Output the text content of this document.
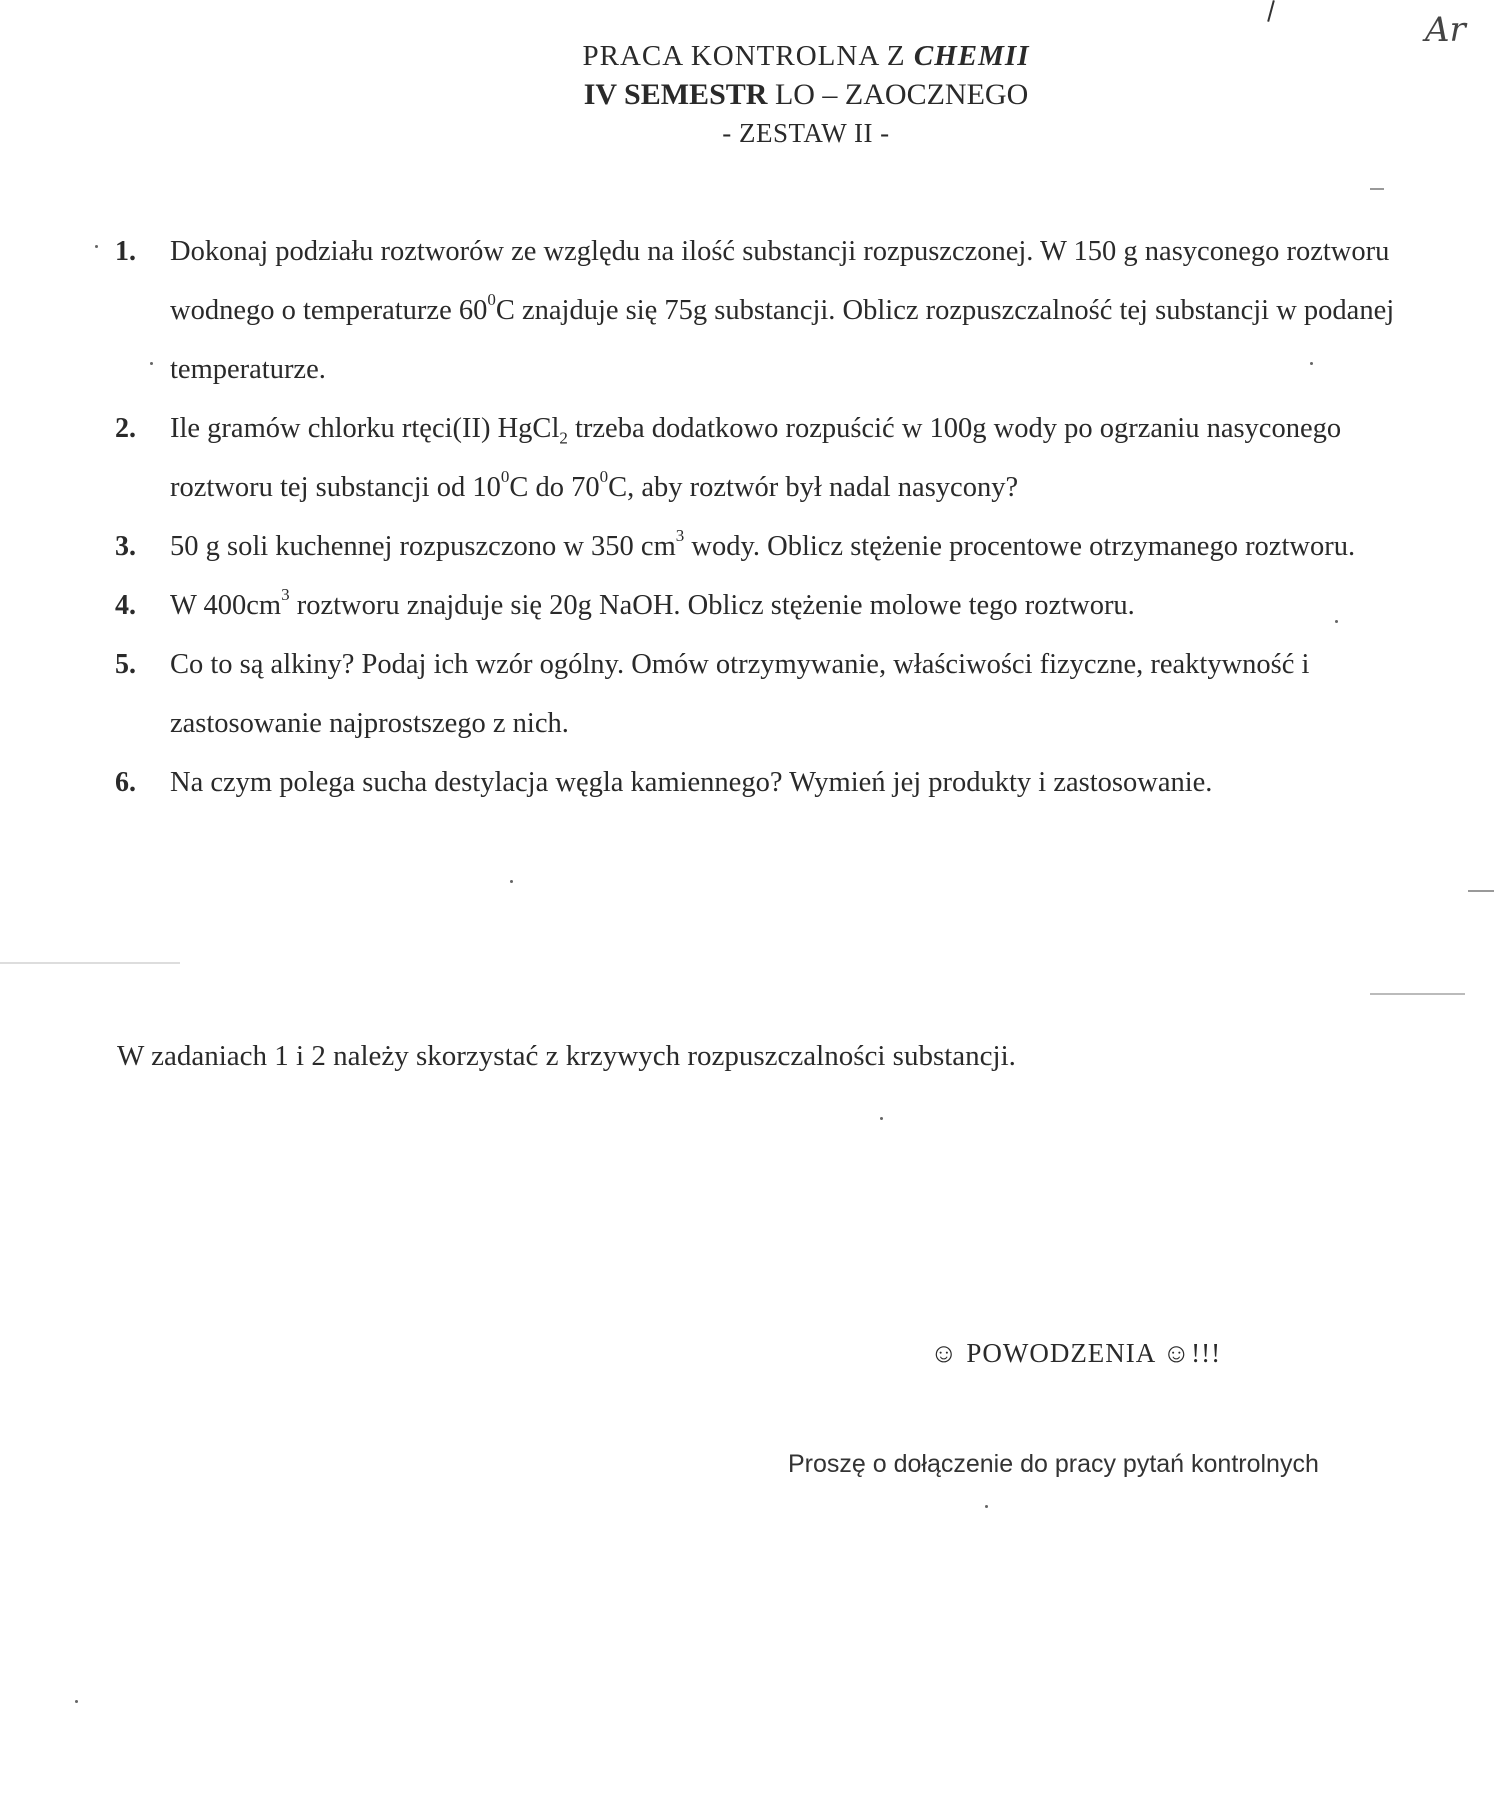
Ar
PRACA KONTROLNA Z CHEMII
IV SEMESTR LO – ZAOCZNEGO
- ZESTAW II -
1.	Dokonaj podziału roztworów ze względu na ilość substancji rozpuszczonej. W 150 g nasyconego roztworu wodnego o temperaturze $60^0C$ znajduje się 75g substancji. Oblicz rozpuszczalność tej substancji w podanej temperaturze.
2.	Ile gramów chlorku rtęci(II) HgCl$_2$ trzeba dodatkowo rozpuścić w 100g wody po ogrzaniu nasyconego roztworu tej substancji od $10^0C$ do $70^0C$, aby roztwór był nadal nasycony?
3.	50 g soli kuchennej rozpuszczono w 350 $cm^3$ wody. Oblicz stężenie procentowe otrzymanego roztworu.
4.	W $400cm^3$ roztworu znajduje się 20g NaOH. Oblicz stężenie molowe tego roztworu.
5.	Co to są alkiny? Podaj ich wzór ogólny. Omów otrzymywanie, właściwości fizyczne, reaktywność i zastosowanie najprostszego z nich.
6.	Na czym polega sucha destylacja węgla kamiennego? Wymień jej produkty i zastosowanie.
W zadaniach 1 i 2 należy skorzystać z krzywych rozpuszczalności substancji.
☺ POWODZENIA ☺!!!
Proszę o dołączenie do pracy pytań kontrolnych
